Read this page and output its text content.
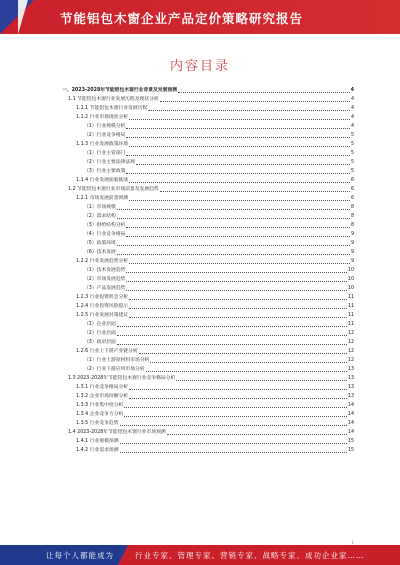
节能铝包木窗企业产品定价策略研究报告
内容目录
一、2023-2028年节能铝包木窗行业背景及发展预测	4
1.1 节能铝包木窗行业发展历程及现状分析	4
1.1.1 节能铝包木窗行业发展历程	4
1.1.2 行业市场现状分析	4
（1）行业规模分析	4
（2）行业竞争格局	5
1.1.3 行业发展政策环境	5
（1）行业主管部门	5
（2）行业主要法律法规	5
（3）行业主要政策	5
1.1.4 行业发展面临挑战	6
1.2 节能铝包木窗行业市场前景及发展趋势	6
1.2.1 市场发展前景预测	6
（1）市场规模	8
（2）需求结构	8
（3）供给结构分析	8
（4）行业竞争格局	9
（5）政策环境	9
（6）技术发展	9
1.2.2 行业发展趋势分析	9
（1）技术发展趋势	10
（2）市场发展趋势	10
（3）产品发展趋势	10
1.2.3 行业投资机会分析	11
1.2.4 行业投资风险提示	11
1.2.5 行业发展对策建议	11
（1）企业层面	11
（2）行业层面	12
（3）政府层面	12
1.2.6 行业上下游产业链分析	12
（1）行业上游原材料市场分析	12
（2）行业下游应用市场分析	13
1.3 2023-2028年节能铝包木窗行业竞争格局分析	13
1.3.1 行业竞争格局分析	13
1.3.2 企业市场份额分析	13
1.3.3 行业集中度分析	14
1.3.4 企业竞争力分析	14
1.3.5 行业竞争趋势	14
1.4 2023-2028年节能铝包木窗行业市场预测	14
1.4.1 行业规模预测	15
1.4.2 行业需求预测	15
1
让每个人都能成为	行业专家、管理专家、营销专家、战略专家、成功企业家……
